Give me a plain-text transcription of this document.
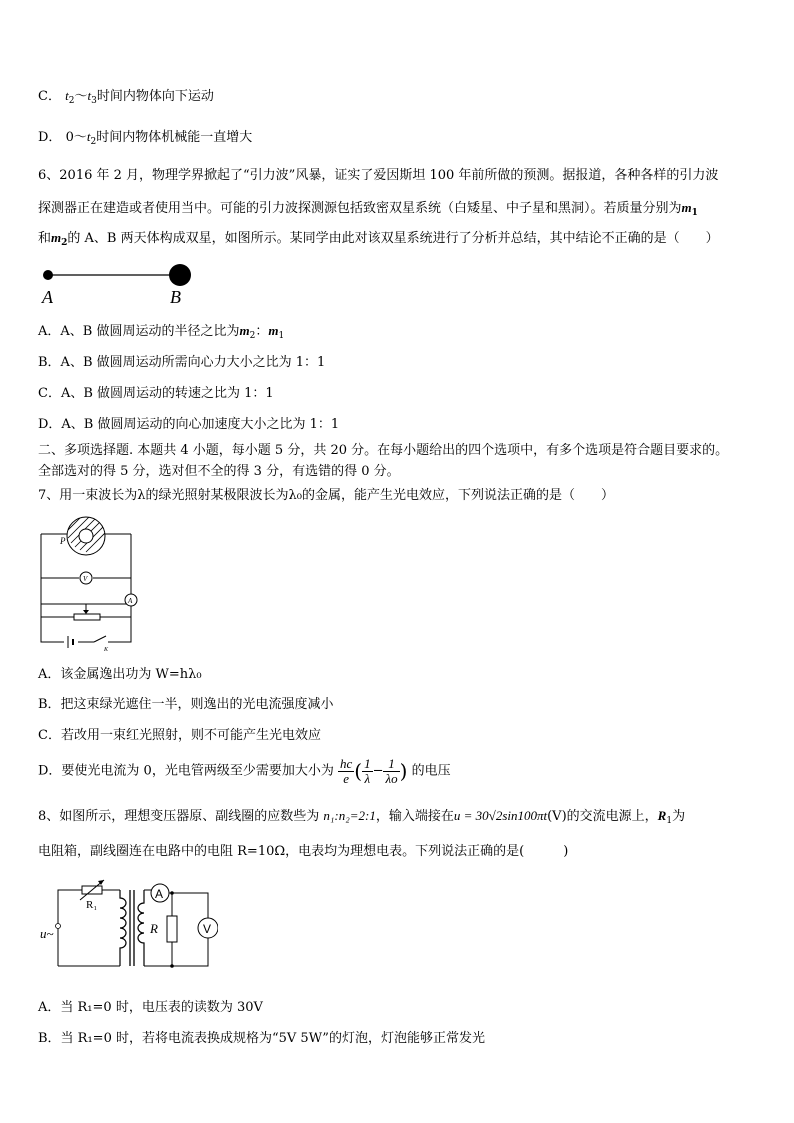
C． $t_2\sim t_3$时间内物体向下运动
D． $0\sim t_2$时间内物体机械能一直增大
6、2016 年 2 月，物理学界掀起了“引力波”风暴，证实了爱因斯坦 100 年前所做的预测。据报道，各种各样的引力波
探测器正在建造或者使用当中。可能的引力波探测源包括致密双星系统（白矮星、中子星和黑洞）。若质量分别为$m_1$
和$m_2$的 A、B 两天体构成双星，如图所示。某同学由此对该双星系统进行了分析并总结，其中结论不正确的是（　　）
A	B
A．A、B 做圆周运动的半径之比为$m_2$：$m_1$
B．A、B 做圆周运动所需向心力大小之比为 1：1
C．A、B 做圆周运动的转速之比为 1：1
D．A、B 做圆周运动的向心加速度大小之比为 1：1
二、多项选择题. 本题共 4 小题，每小题 5 分，共 20 分。在每小题给出的四个选项中，有多个选项是符合题目要求的。
全部选对的得 5 分，选对但不全的得 3 分，有选错的得 0 分。
7、用一束波长为λ的绿光照射某极限波长为λ₀的金属，能产生光电效应，下列说法正确的是（　　）
P
V
A
K
A．该金属逸出功为 W=hλ₀
B．把这束绿光遮住一半，则逸出的光电流强度减小
C．若改用一束红光照射，则不可能产生光电效应
D．要使光电流为 0，光电管两级至少需要加大小为 $\frac{hc}{e}$ ( $\frac{1}{\lambda} - \frac{1}{\lambda o}$ ) 的电压
8、如图所示，理想变压器原、副线圈的应数些为 n₁:n₂=2:1，输入端接在u = 30√2sin100πt(V)的交流电源上，$R_1$为
电阻箱，副线圈连在电路中的电阻 R=10Ω，电表均为理想电表。下列说法正确的是(　　　)
R₁
u~
A
R	V
A．当 R₁=0 时，电压表的读数为 30V
B．当 R₁=0 时，若将电流表换成规格为“5V 5W”的灯泡，灯泡能够正常发光
